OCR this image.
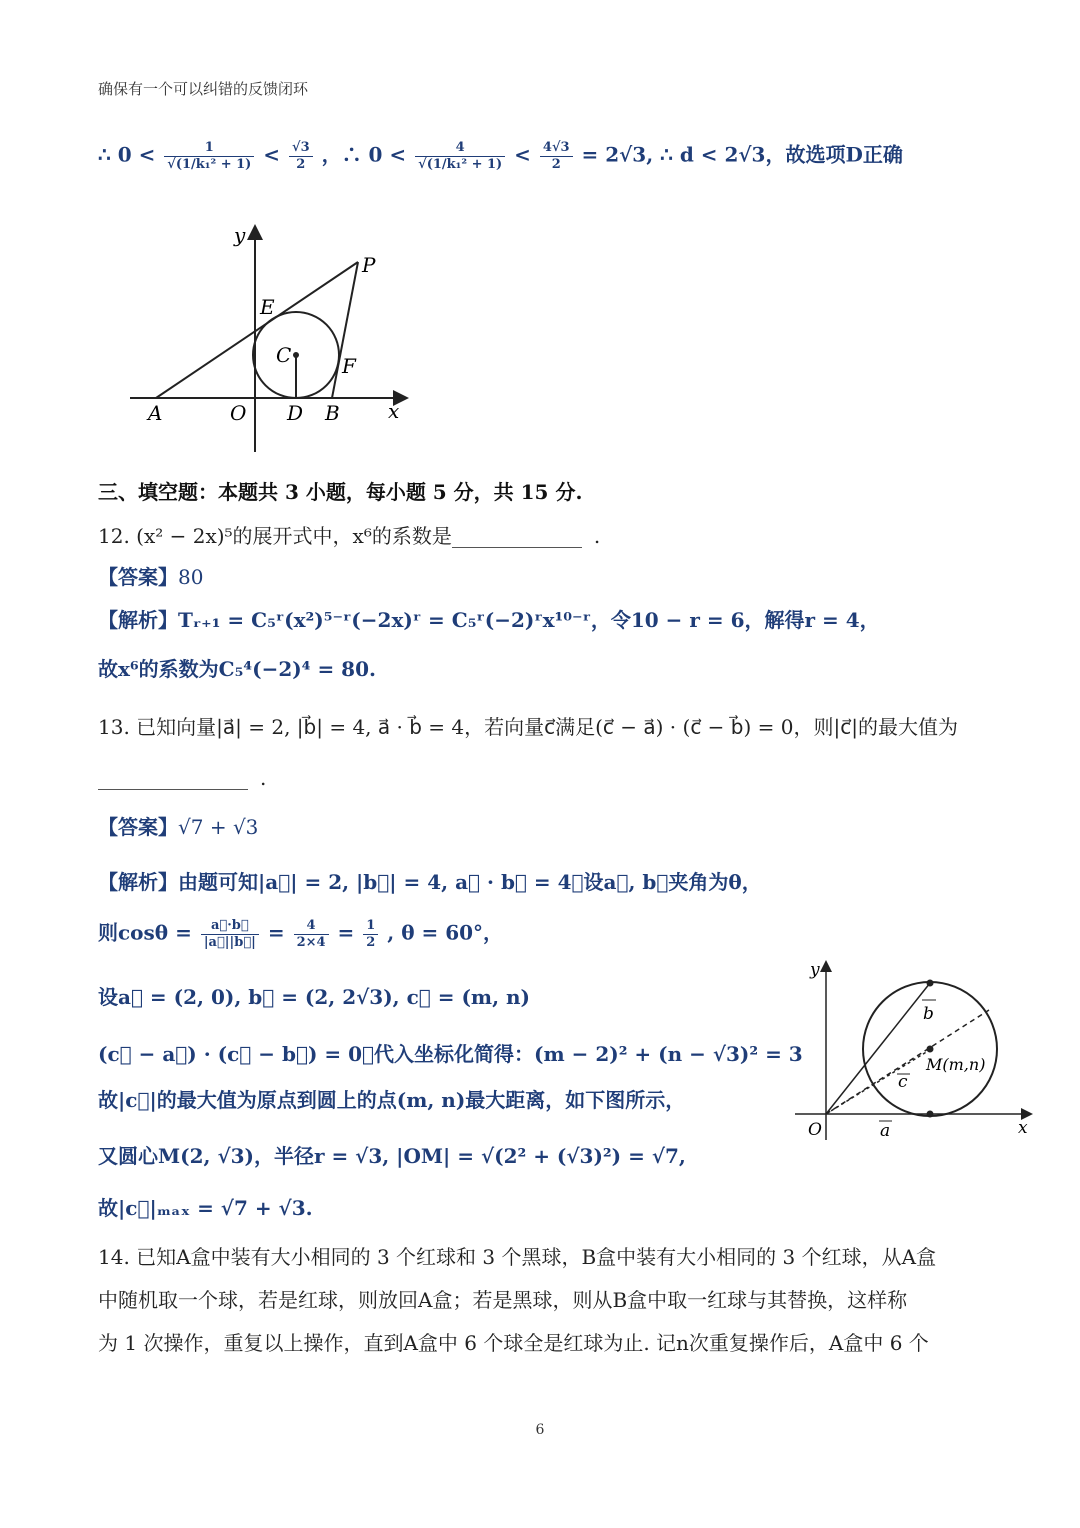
确保有一个可以纠错的反馈闭环
∴ $0 < \frac{1}{\text{√(1/k₁² + 1)}} < \frac{√3}{2}$ ，∴ $0 < \frac{4}{\text{√(1/k₁² + 1)}} < \frac{4√3}{2} = 2√3$, ∴ d < 2√3，故选项D正确
y
x
P
E
C	F
A	O D B
三、填空题：本题共 3 小题，每小题 5 分，共 15 分.
12. (x² − 2x)⁵的展开式中，x⁶的系数是	.
【答案】80
【解析】Tᵣ₊₁ = C₅ʳ(x²)⁵⁻ʳ(−2x)ʳ = C₅ʳ(−2)ʳx¹⁰⁻ʳ，令10 − r = 6，解得r = 4，
故x⁶的系数为C₅⁴(−2)⁴ = 80.
13. 已知向量|a⃗| = 2, |b⃗| = 4, a⃗ · b⃗ = 4，若向量c⃗满足(c⃗ − a⃗) · (c⃗ − b⃗) = 0，则|c⃗|的最大值为
.
【答案】√7 + √3
【解析】由题可知|a⃗| = 2, |b⃗| = 4, a⃗ · b⃗ = 4，设a⃗, b⃗夹角为θ，
则$\cos\theta = \frac{a⃗\cdot b⃗}{|a⃗||b⃗|} = \frac{4}{2\times 4} = \frac{1}{2}$ , θ = 60°，
设a⃗ = (2, 0), b⃗ = (2, 2√3), c⃗ = (m, n)
(c⃗ − a⃗) · (c⃗ − b⃗) = 0，代入坐标化简得：(m − 2)² + (n − √3)² = 3
故|c⃗|的最大值为原点到圆上的点(m, n)最大距离，如下图所示，
又圆心M(2, √3)，半径r = √3, |OM| = √(2² + (√3)²) = √7,
故|c⃗|ₘₐₓ = √7 + √3.
y
x
O	a
b
c
M(m,n)
14. 已知A盒中装有大小相同的 3 个红球和 3 个黑球，B盒中装有大小相同的 3 个红球，从A盒
中随机取一个球，若是红球，则放回A盒；若是黑球，则从B盒中取一红球与其替换，这样称
为 1 次操作，重复以上操作，直到A盒中 6 个球全是红球为止. 记n次重复操作后，A盒中 6 个
6
